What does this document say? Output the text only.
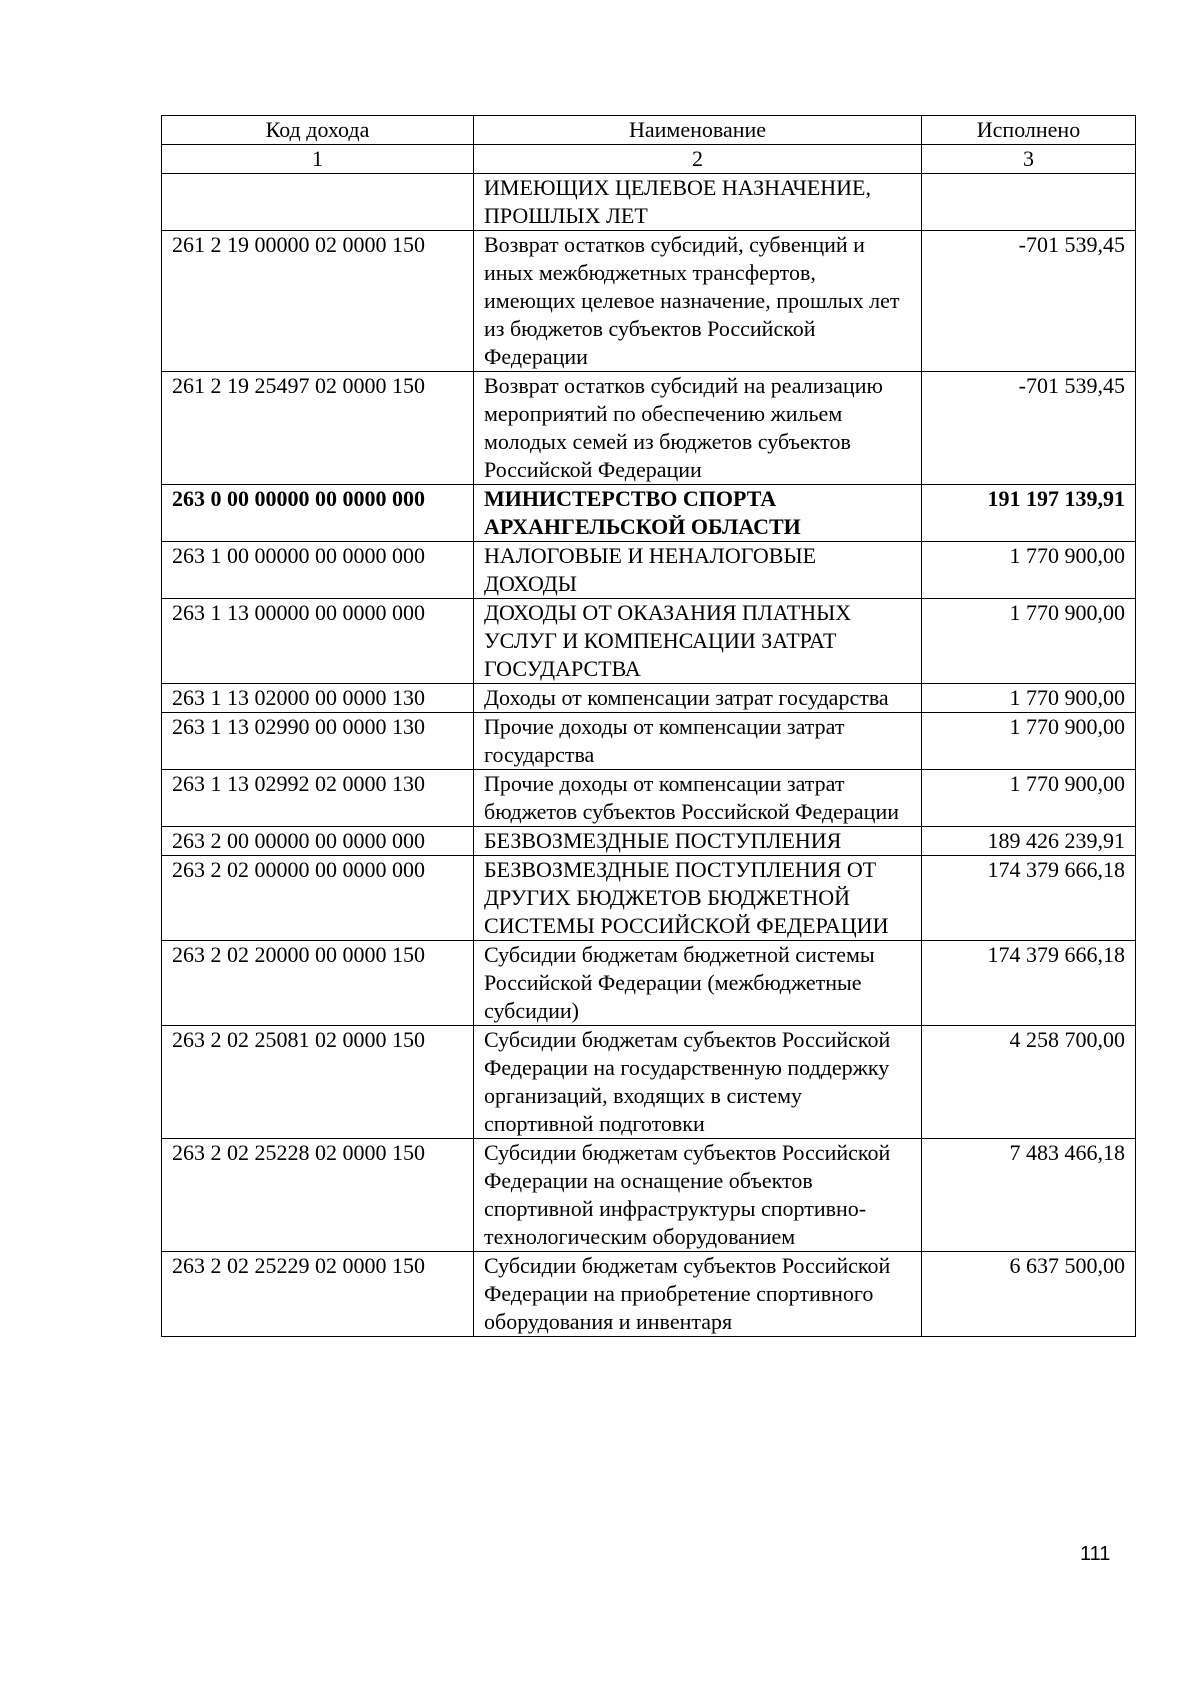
Код дохода	Наименование	Исполнено
1	2	3
	ИМЕЮЩИХ ЦЕЛЕВОЕ НАЗНАЧЕНИЕ, ПРОШЛЫХ ЛЕТ	
261 2 19 00000 02 0000 150	Возврат остатков субсидий, субвенций и иных межбюджетных трансфертов, имеющих целевое назначение, прошлых лет из бюджетов субъектов Российской Федерации	-701 539,45
261 2 19 25497 02 0000 150	Возврат остатков субсидий на реализацию мероприятий по обеспечению жильем молодых семей из бюджетов субъектов Российской Федерации	-701 539,45
263 0 00 00000 00 0000 000	МИНИСТЕРСТВО СПОРТА АРХАНГЕЛЬСКОЙ ОБЛАСТИ	191 197 139,91
263 1 00 00000 00 0000 000	НАЛОГОВЫЕ И НЕНАЛОГОВЫЕ ДОХОДЫ	1 770 900,00
263 1 13 00000 00 0000 000	ДОХОДЫ ОТ ОКАЗАНИЯ ПЛАТНЫХ УСЛУГ И КОМПЕНСАЦИИ ЗАТРАТ ГОСУДАРСТВА	1 770 900,00
263 1 13 02000 00 0000 130	Доходы от компенсации затрат государства	1 770 900,00
263 1 13 02990 00 0000 130	Прочие доходы от компенсации затрат государства	1 770 900,00
263 1 13 02992 02 0000 130	Прочие доходы от компенсации затрат бюджетов субъектов Российской Федерации	1 770 900,00
263 2 00 00000 00 0000 000	БЕЗВОЗМЕЗДНЫЕ ПОСТУПЛЕНИЯ	189 426 239,91
263 2 02 00000 00 0000 000	БЕЗВОЗМЕЗДНЫЕ ПОСТУПЛЕНИЯ ОТ ДРУГИХ БЮДЖЕТОВ БЮДЖЕТНОЙ СИСТЕМЫ РОССИЙСКОЙ ФЕДЕРАЦИИ	174 379 666,18
263 2 02 20000 00 0000 150	Субсидии бюджетам бюджетной системы Российской Федерации (межбюджетные субсидии)	174 379 666,18
263 2 02 25081 02 0000 150	Субсидии бюджетам субъектов Российской Федерации на государственную поддержку организаций, входящих в систему спортивной подготовки	4 258 700,00
263 2 02 25228 02 0000 150	Субсидии бюджетам субъектов Российской Федерации на оснащение объектов спортивной инфраструктуры спортивно-технологическим оборудованием	7 483 466,18
263 2 02 25229 02 0000 150	Субсидии бюджетам субъектов Российской Федерации на приобретение спортивного оборудования и инвентаря	6 637 500,00
111
